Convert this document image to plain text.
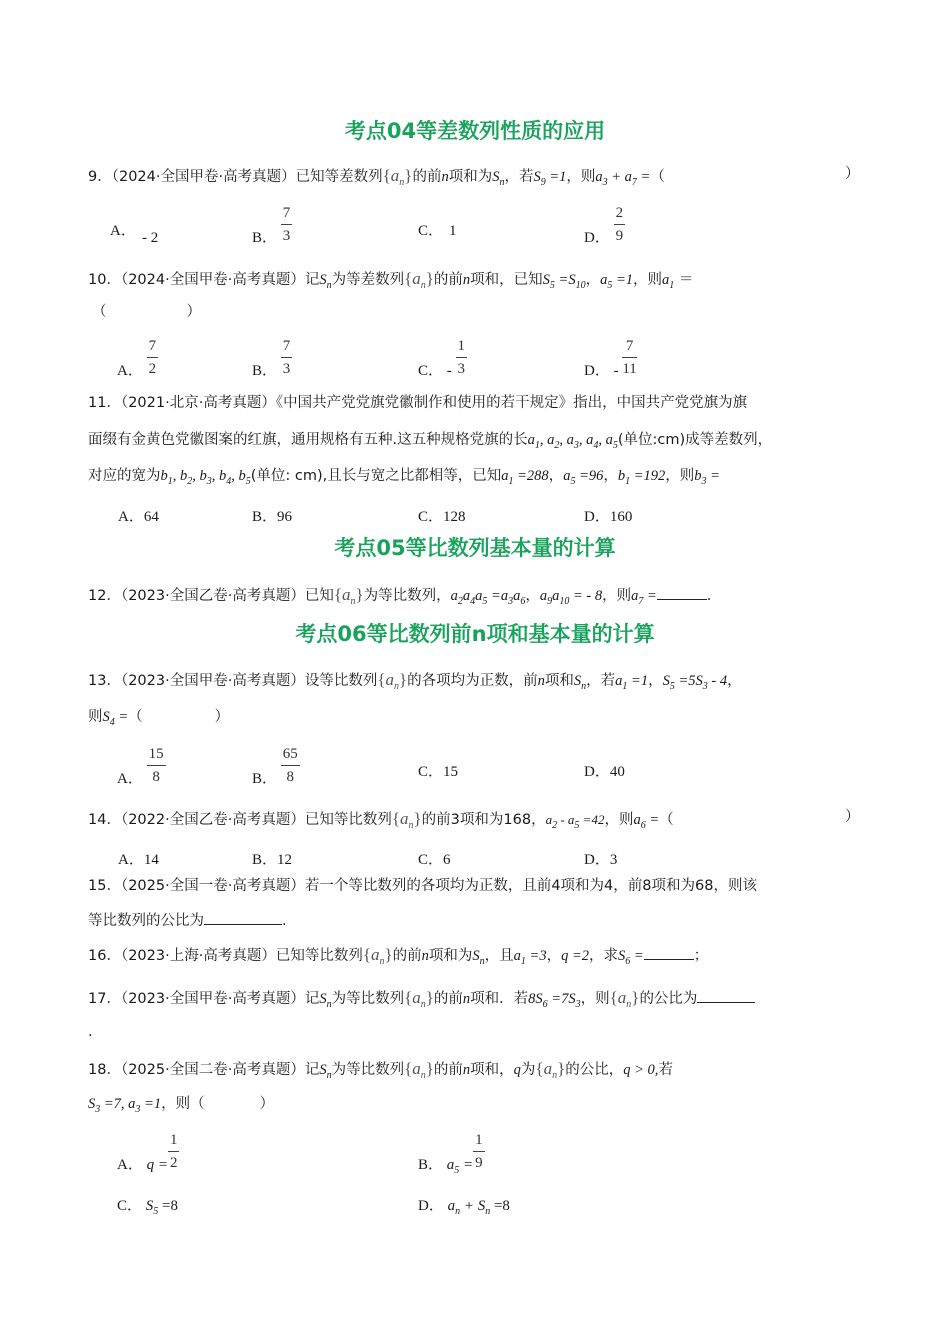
考点04等差数列性质的应用
9．（2024·全国甲卷·高考真题）已知等差数列$\{a_n\}$的前n项和为$S_n$，若$S_9 =1$，则$a_3 + a_7$ =（	）
A． - 2	B． $\frac{7}{3}$	C． 1	D． $\frac{2}{9}$
10．（2024·全国甲卷·高考真题）记$S_n$为等差数列$\{a_n\}$的前n项和，已知$S_5 =S_{10}$，$a_5 =1$，则$a_1$ ＝
（	）
A． $\frac{7}{2}$	B． $\frac{7}{3}$	C． - $\frac{1}{3}$	D． - $\frac{7}{11}$
11．（2021·北京·高考真题）《中国共产党党旗党徽制作和使用的若干规定》指出，中国共产党党旗为旗
面缀有金黄色党徽图案的红旗，通用规格有五种.这五种规格党旗的长$a_1$, $a_2$, $a_3$, $a_4$, $a_5$(单位:cm)成等差数列，
对应的宽为$b_1$, $b_2$, $b_3$, $b_4$, $b_5$(单位: cm),且长与宽之比都相等，已知$a_1 =288$，$a_5 =96$，$b_1 =192$，则$b_3$ =
A．64	B．96	C．128	D．160
考点05等比数列基本量的计算
12．（2023·全国乙卷·高考真题）已知$\{a_n\}$为等比数列，$a_2a_4a_5 =a_3a_6$，$a_9a_{10}$ = - 8，则$a_7$ =	.
考点06等比数列前n项和基本量的计算
13．（2023·全国甲卷·高考真题）设等比数列$\{a_n\}$的各项均为正数，前n项和$S_n$，若$a_1 =1$，$S_5 =5S_3 - 4$，
则$S_4$ =（	）
A． $\frac{15}{8}$	B． $\frac{65}{8}$	C．15	D．40
14．（2022·全国乙卷·高考真题）已知等比数列$\{a_n\}$的前3项和为168，$a_2 - a_5 =42$，则$a_6$ =（	）
A．14	B．12	C．6	D．3
15．（2025·全国一卷·高考真题）若一个等比数列的各项均为正数，且前4项和为4，前8项和为68，则该
等比数列的公比为	.
16．（2023·上海·高考真题）已知等比数列$\{a_n\}$的前n项和为$S_n$，且$a_1 =3$，q =2，求$S_6$ =	；
17．（2023·全国甲卷·高考真题）记$S_n$为等比数列$\{a_n\}$的前n项和．若$8S_6 =7S_3$，则$\{a_n\}$的公比为
.
18．（2025·全国二卷·高考真题）记$S_n$为等比数列$\{a_n\}$的前n项和，q为$\{a_n\}$的公比，q > 0,若
$S_3 =7$, $a_3 =1$，则（	）
A． $q = \frac{1}{2}$	B． $a_5 = \frac{1}{9}$
C． $S_5 =8$	D． $a_n + S_n =8$
